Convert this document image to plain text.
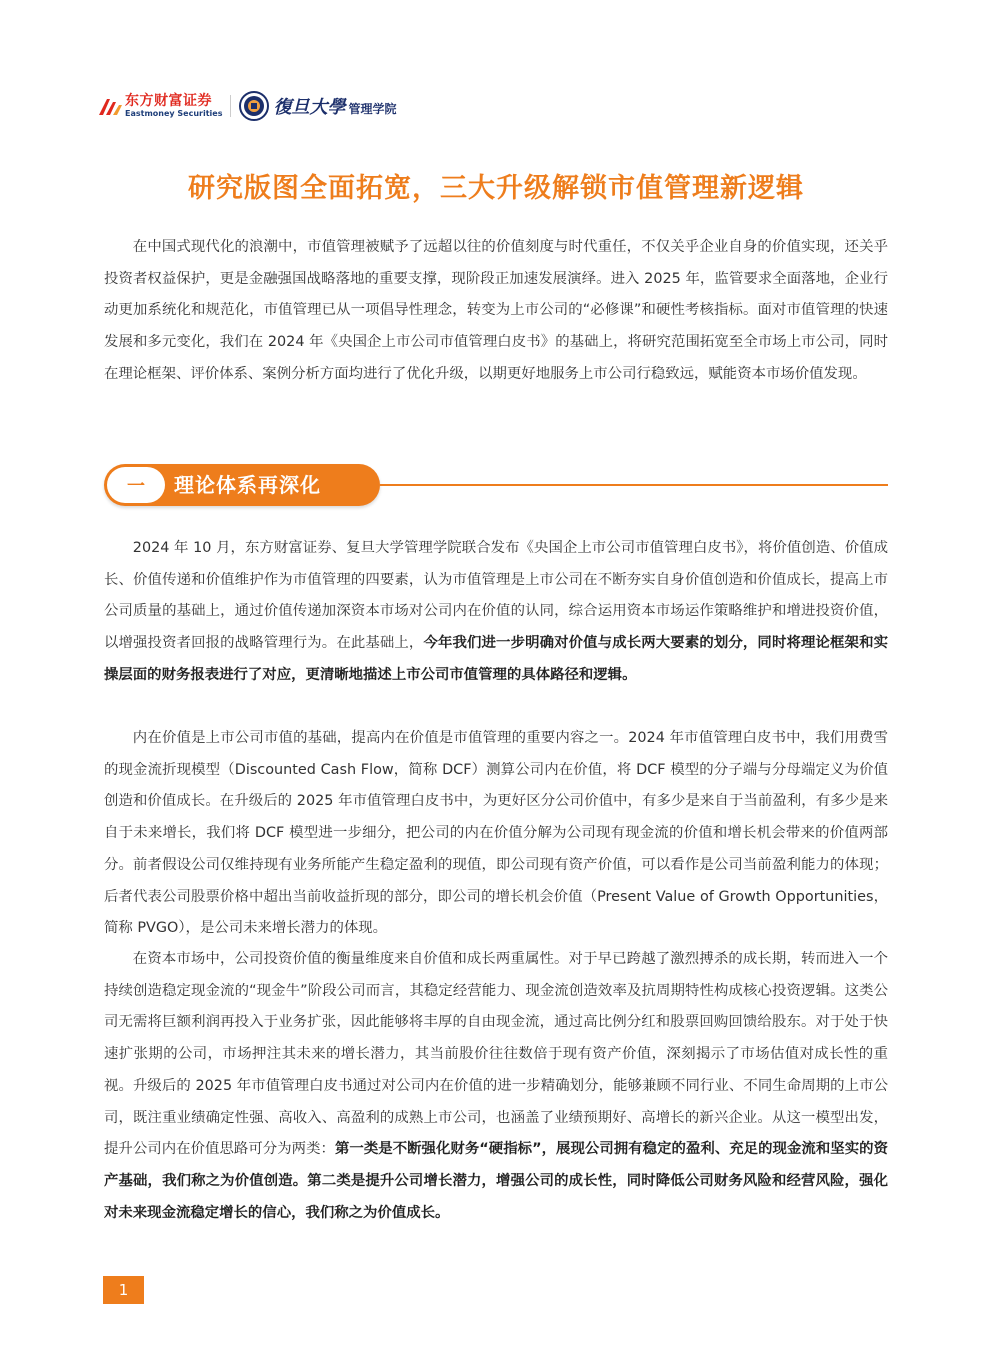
东方财富证券
Eastmoney Securities	復旦大學 管理学院
研究版图全面拓宽，三大升级解锁市值管理新逻辑

在中国式现代化的浪潮中，市值管理被赋予了远超以往的价值刻度与时代重任，不仅关乎企业自身的价值实现，还关乎投资者权益保护，更是金融强国战略落地的重要支撑，现阶段正加速发展演绎。进入 2025 年，监管要求全面落地，企业行动更加系统化和规范化，市值管理已从一项倡导性理念，转变为上市公司的“必修课”和硬性考核指标。面对市值管理的快速发展和多元变化，我们在 2024 年《央国企上市公司市值管理白皮书》的基础上，将研究范围拓宽至全市场上市公司，同时在理论框架、评价体系、案例分析方面均进行了优化升级，以期更好地服务上市公司行稳致远，赋能资本市场价值发现。

一	理论体系再深化

2024 年 10 月，东方财富证券、复旦大学管理学院联合发布《央国企上市公司市值管理白皮书》，将价值创造、价值成长、价值传递和价值维护作为市值管理的四要素，认为市值管理是上市公司在不断夯实自身价值创造和价值成长，提高上市公司质量的基础上，通过价值传递加深资本市场对公司内在价值的认同，综合运用资本市场运作策略维护和增进投资价值，以增强投资者回报的战略管理行为。在此基础上，今年我们进一步明确对价值与成长两大要素的划分，同时将理论框架和实操层面的财务报表进行了对应，更清晰地描述上市公司市值管理的具体路径和逻辑。

内在价值是上市公司市值的基础，提高内在价值是市值管理的重要内容之一。2024 年市值管理白皮书中，我们用费雪的现金流折现模型（Discounted Cash Flow，简称 DCF）测算公司内在价值，将 DCF 模型的分子端与分母端定义为价值创造和价值成长。在升级后的 2025 年市值管理白皮书中，为更好区分公司价值中，有多少是来自于当前盈利，有多少是来自于未来增长，我们将 DCF 模型进一步细分，把公司的内在价值分解为公司现有现金流的价值和增长机会带来的价值两部分。前者假设公司仅维持现有业务所能产生稳定盈利的现值，即公司现有资产价值，可以看作是公司当前盈利能力的体现；后者代表公司股票价格中超出当前收益折现的部分，即公司的增长机会价值（Present Value of Growth Opportunities，简称 PVGO），是公司未来增长潜力的体现。

在资本市场中，公司投资价值的衡量维度来自价值和成长两重属性。对于早已跨越了激烈搏杀的成长期，转而进入一个持续创造稳定现金流的“现金牛”阶段公司而言，其稳定经营能力、现金流创造效率及抗周期特性构成核心投资逻辑。这类公司无需将巨额利润再投入于业务扩张，因此能够将丰厚的自由现金流，通过高比例分红和股票回购回馈给股东。对于处于快速扩张期的公司，市场押注其未来的增长潜力，其当前股价往往数倍于现有资产价值，深刻揭示了市场估值对成长性的重视。升级后的 2025 年市值管理白皮书通过对公司内在价值的进一步精确划分，能够兼顾不同行业、不同生命周期的上市公司，既注重业绩确定性强、高收入、高盈利的成熟上市公司，也涵盖了业绩预期好、高增长的新兴企业。从这一模型出发，提升公司内在价值思路可分为两类：第一类是不断强化财务“硬指标”，展现公司拥有稳定的盈利、充足的现金流和坚实的资产基础，我们称之为价值创造。第二类是提升公司增长潜力，增强公司的成长性，同时降低公司财务风险和经营风险，强化对未来现金流稳定增长的信心，我们称之为价值成长。

1
